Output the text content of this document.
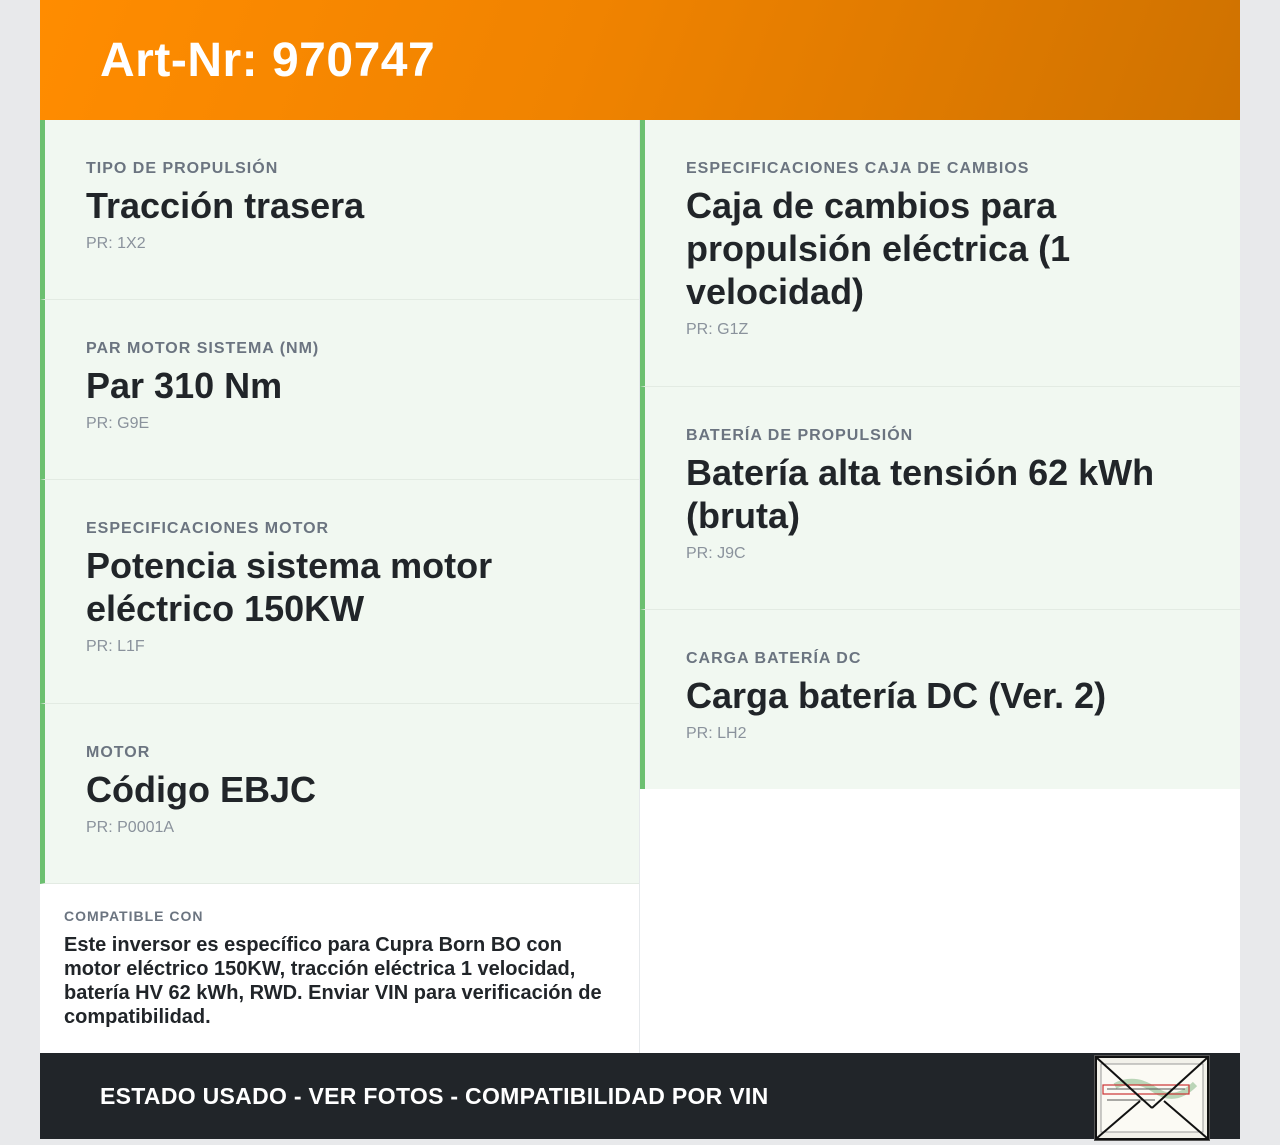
Art-Nr: 970747
TIPO DE PROPULSIÓN
Tracción trasera
PR: 1X2
PAR MOTOR SISTEMA (NM)
Par 310 Nm
PR: G9E
ESPECIFICACIONES MOTOR
Potencia sistema motor eléctrico 150KW
PR: L1F
MOTOR
Código EBJC
PR: P0001A
COMPATIBLE CON
Este inversor es específico para Cupra Born BO con motor eléctrico 150KW, tracción eléctrica 1 velocidad, batería HV 62 kWh, RWD. Enviar VIN para verificación de compatibilidad.
ESPECIFICACIONES CAJA DE CAMBIOS
Caja de cambios para propulsión eléctrica (1 velocidad)
PR: G1Z
BATERÍA DE PROPULSIÓN
Batería alta tensión 62 kWh (bruta)
PR: J9C
CARGA BATERÍA DC
Carga batería DC (Ver. 2)
PR: LH2
ESTADO USADO - VER FOTOS - COMPATIBILIDAD POR VIN
